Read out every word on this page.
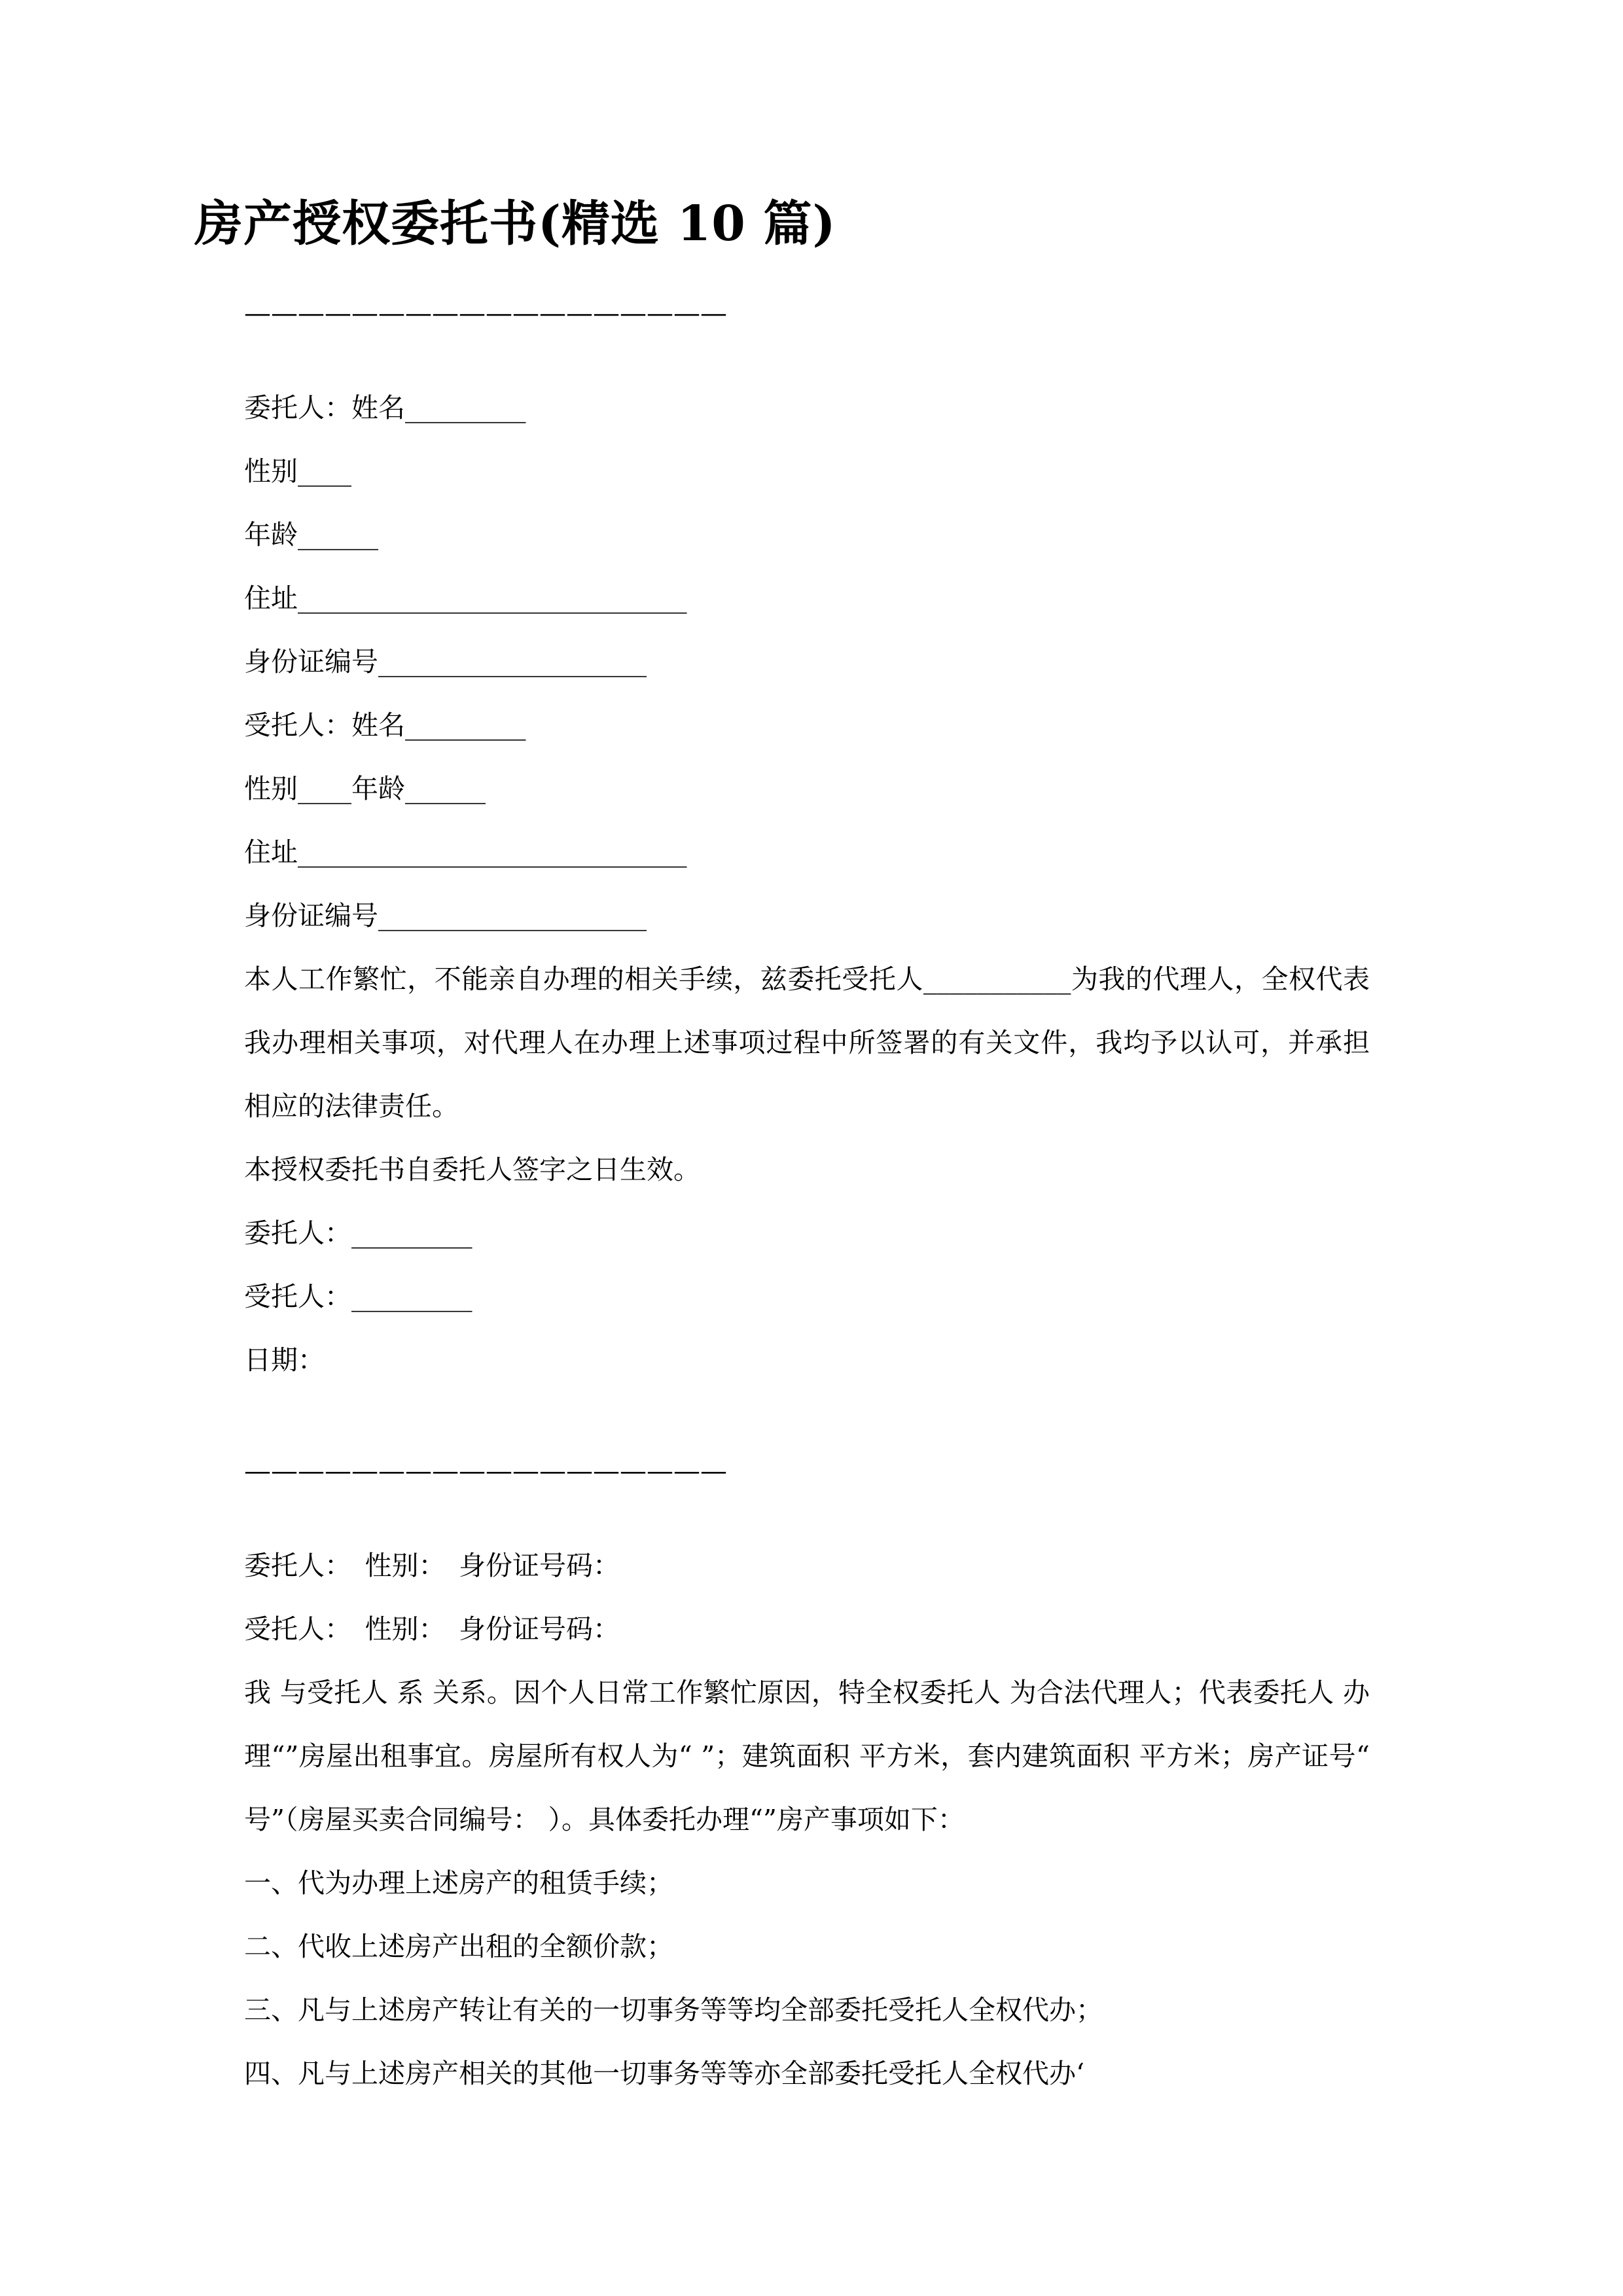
房产授权委托书(精选 10 篇)
——————————————————
委托人：姓名_________
性别____
年龄______
住址_____________________________
身份证编号____________________
受托人：姓名_________
性别____年龄______
住址_____________________________
身份证编号____________________
本人工作繁忙，不能亲自办理的相关手续，兹委托受托人___________为我的代理人，全权代表我办理相关事项，对代理人在办理上述事项过程中所签署的有关文件，我均予以认可，并承担相应的法律责任。
本授权委托书自委托人签字之日生效。
委托人：_________
受托人：_________
日期：
——————————————————
委托人：　性别：　身份证号码：
受托人：　性别：　身份证号码：
我 与受托人 系 关系。因个人日常工作繁忙原因，特全权委托人 为合法代理人；代表委托人 办理“”房屋出租事宜。房屋所有权人为“ ”；建筑面积 平方米，套内建筑面积 平方米；房产证号“ 号”（房屋买卖合同编号： ）。具体委托办理“”房产事项如下：
一、代为办理上述房产的租赁手续；
二、代收上述房产出租的全额价款；
三、凡与上述房产转让有关的一切事务等等均全部委托受托人全权代办；
四、凡与上述房产相关的其他一切事务等等亦全部委托受托人全权代办‘
